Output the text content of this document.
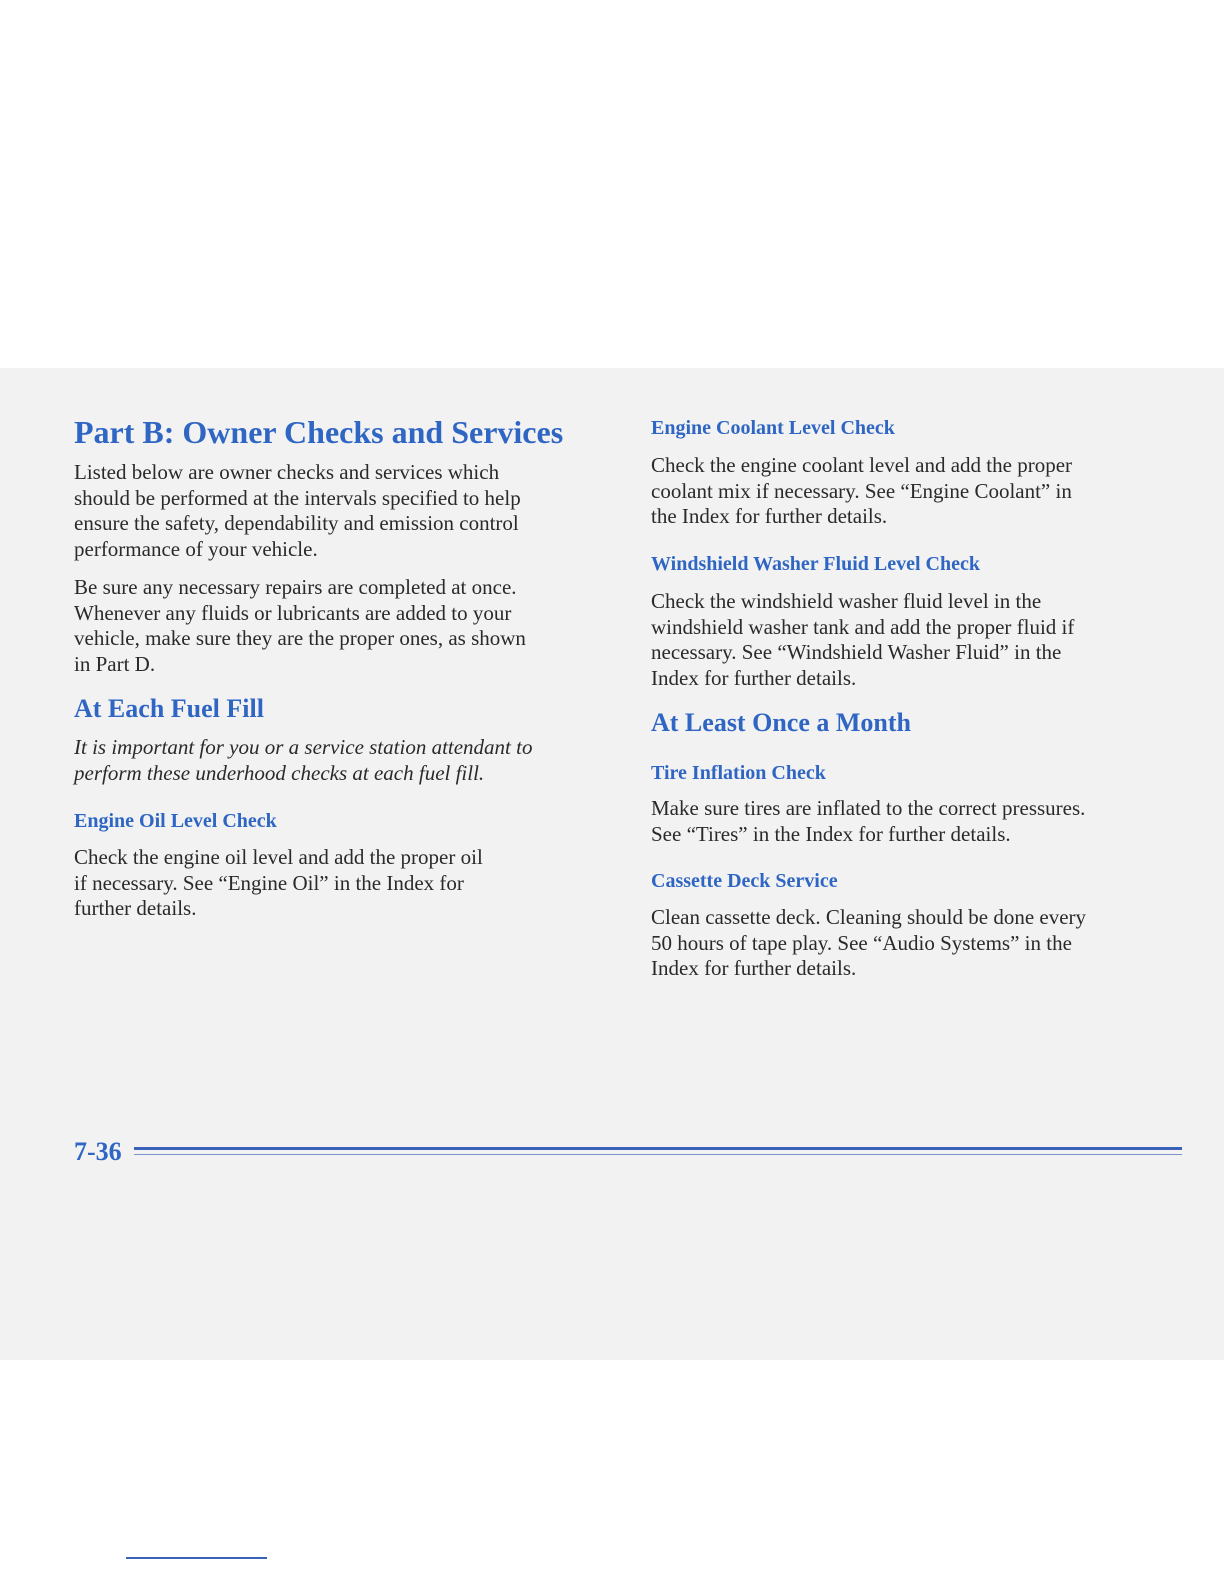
Part B: Owner Checks and Services

Listed below are owner checks and services which
should be performed at the intervals specified to help
ensure the safety, dependability and emission control
performance of your vehicle.

Be sure any necessary repairs are completed at once.
Whenever any fluids or lubricants are added to your
vehicle, make sure they are the proper ones, as shown
in Part D.

At Each Fuel Fill

It is important for you or a service station attendant to
perform these underhood checks at each fuel fill.

Engine Oil Level Check

Check the engine oil level and add the proper oil
if necessary. See “Engine Oil” in the Index for
further details.

Engine Coolant Level Check

Check the engine coolant level and add the proper
coolant mix if necessary. See “Engine Coolant” in
the Index for further details.

Windshield Washer Fluid Level Check

Check the windshield washer fluid level in the
windshield washer tank and add the proper fluid if
necessary. See “Windshield Washer Fluid” in the
Index for further details.

At Least Once a Month
Tire Inflation Check

Make sure tires are inflated to the correct pressures.
See “Tires” in the Index for further details.

Cassette Deck Service

Clean cassette deck. Cleaning should be done every
50 hours of tape play. See “Audio Systems” in the
Index for further details.

7-36
